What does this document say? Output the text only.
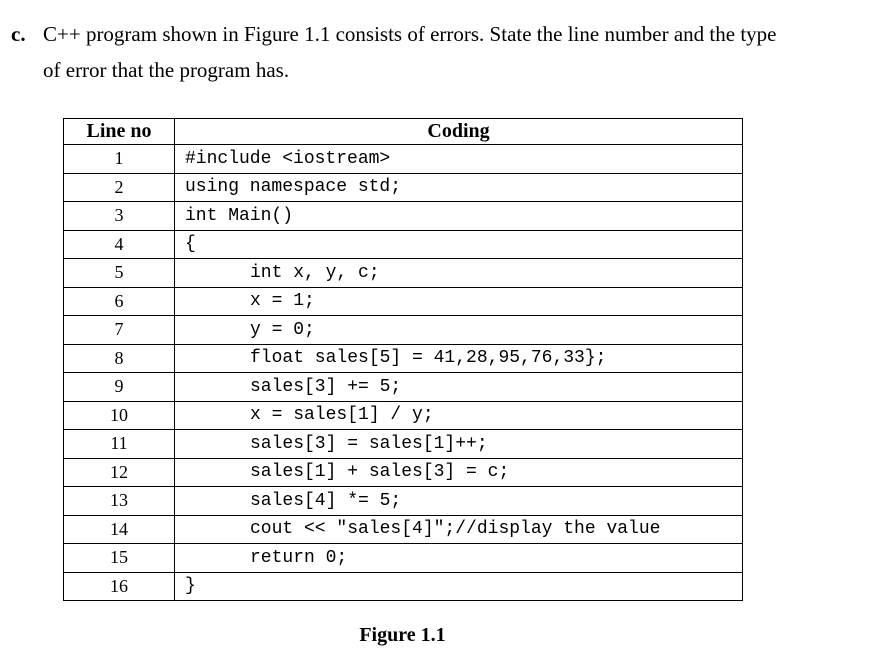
c. C++ program shown in Figure 1.1 consists of errors. State the line number and the type
of error that the program has.
Line no	Coding
1	#include <iostream>
2	using namespace std;
3	int Main()
4	{
5	int x, y, c;
6	x = 1;
7	y = 0;
8	float sales[5] = 41,28,95,76,33};
9	sales[3] += 5;
10	x = sales[1] / y;
11	sales[3] = sales[1]++;
12	sales[1] + sales[3] = c;
13	sales[4] *= 5;
14	cout << "sales[4]";//display the value
15	return 0;
16	}
Figure 1.1
